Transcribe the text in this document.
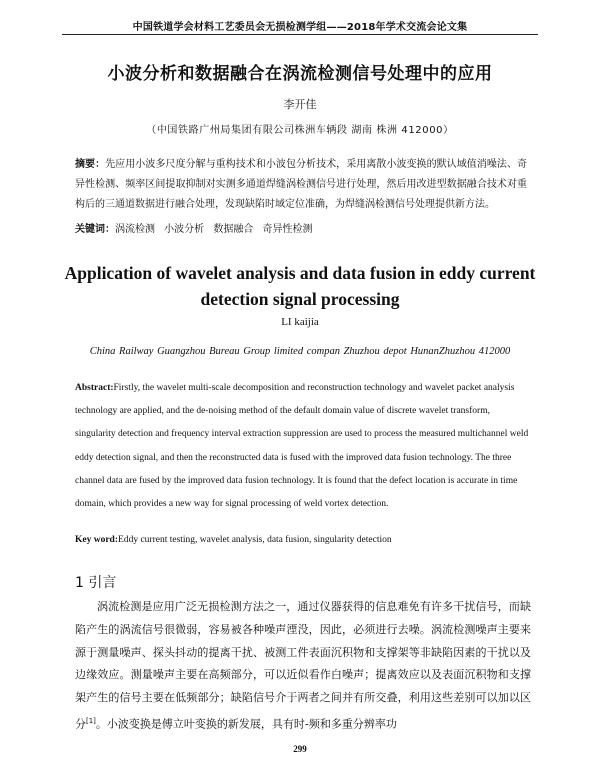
中国铁道学会材料工艺委员会无损检测学组——2018年学术交流会论文集
小波分析和数据融合在涡流检测信号处理中的应用
李开佳
（中国铁路广州局集团有限公司株洲车辆段 湖南 株洲 412000）
摘要：先应用小波多尺度分解与重构技术和小波包分析技术，采用离散小波变换的默认域值消噪法、奇异性检测、频率区间提取抑制对实测多通道焊缝涡检测信号进行处理，然后用改进型数据融合技术对重构后的三通道数据进行融合处理，发现缺陷时域定位准确，为焊缝涡检测信号处理提供新方法。
关键词：涡流检测 小波分析 数据融合 奇异性检测
Application of wavelet analysis and data fusion in eddy current detection signal processing
LI kaijia
China Railway Guangzhou Bureau Group limited compan Zhuzhou depot HunanZhuzhou 412000
Abstract:Firstly, the wavelet multi-scale decomposition and reconstruction technology and wavelet packet analysis technology are applied, and the de-noising method of the default domain value of discrete wavelet transform, singularity detection and frequency interval extraction suppression are used to process the measured multichannel weld eddy detection signal, and then the reconstructed data is fused with the improved data fusion technology. The three channel data are fused by the improved data fusion technology. It is found that the defect location is accurate in time domain, which provides a new way for signal processing of weld vortex detection.
Key word:Eddy current testing, wavelet analysis, data fusion, singularity detection
1 引言
涡流检测是应用广泛无损检测方法之一，通过仪器获得的信息难免有许多干扰信号，而缺陷产生的涡流信号很微弱，容易被各种噪声湮没，因此，必须进行去噪。涡流检测噪声主要来源于测量噪声、探头抖动的提离干扰、被测工件表面沉积物和支撑架等非缺陷因素的干扰以及边缘效应。测量噪声主要在高频部分，可以近似看作白噪声；提离效应以及表面沉积物和支撑架产生的信号主要在低频部分；缺陷信号介于两者之间并有所交叠，利用这些差别可以加以区分[1]。小波变换是傅立叶变换的新发展，具有时-频和多重分辨率功
299
